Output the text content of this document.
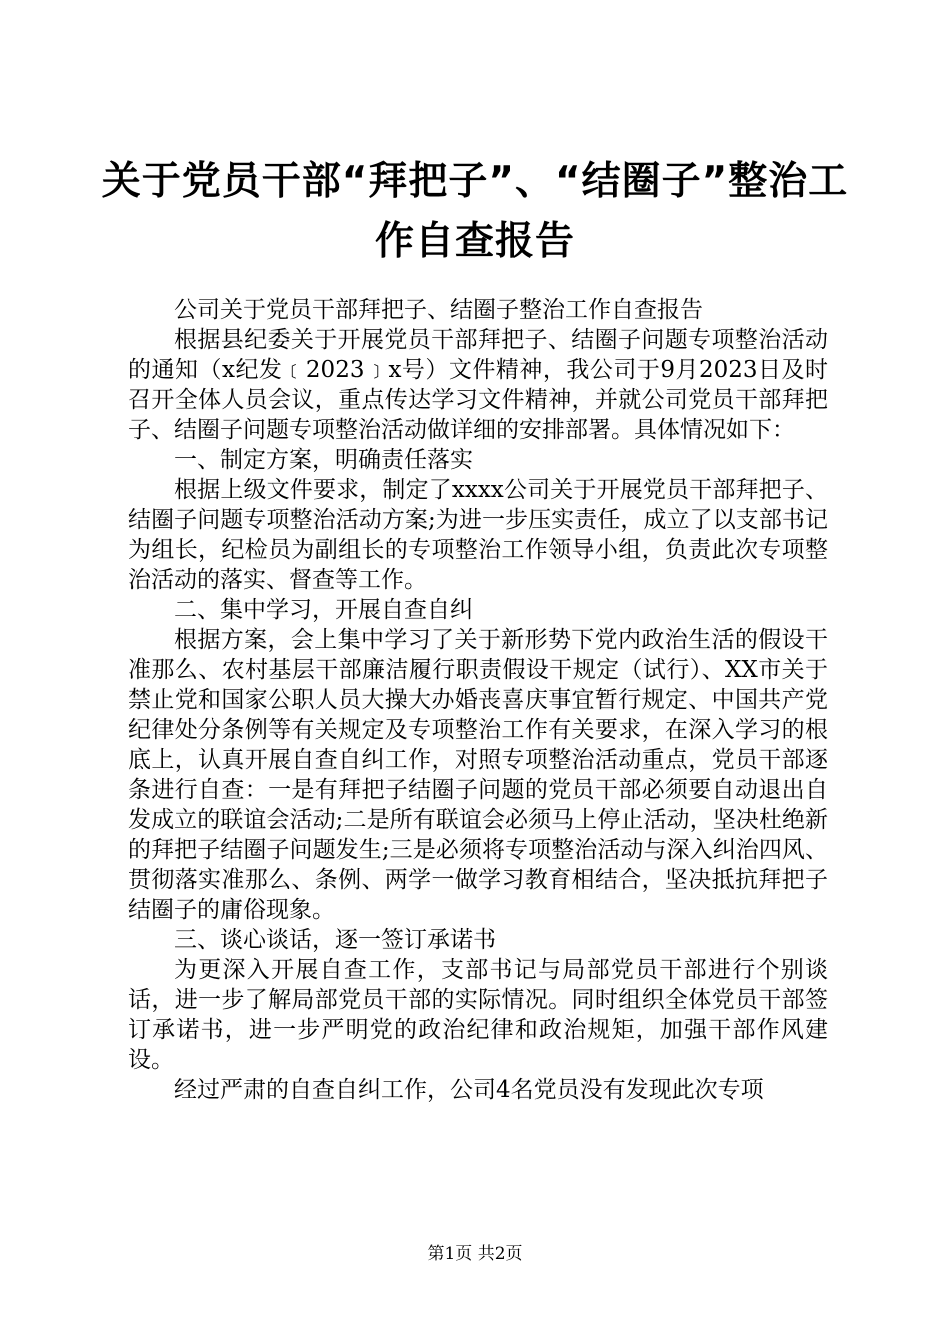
关于党员干部“拜把子”、“结圈子”整治工
作自查报告

公司关于党员干部拜把子、结圈子整治工作自查报告

根据县纪委关于开展党员干部拜把子、结圈子问题专项整治活动的通知（x纪发﹝2023﹞x号）文件精神，我公司于9月2023日及时召开全体人员会议，重点传达学习文件精神，并就公司党员干部拜把子、结圈子问题专项整治活动做详细的安排部署。具体情况如下：

一、制定方案，明确责任落实

根据上级文件要求，制定了xxxx公司关于开展党员干部拜把子、结圈子问题专项整治活动方案;为进一步压实责任，成立了以支部书记为组长，纪检员为副组长的专项整治工作领导小组，负责此次专项整治活动的落实、督查等工作。

二、集中学习，开展自查自纠

根据方案，会上集中学习了关于新形势下党内政治生活的假设干准那么、农村基层干部廉洁履行职责假设干规定（试行）、XX市关于禁止党和国家公职人员大操大办婚丧喜庆事宜暂行规定、中国共产党纪律处分条例等有关规定及专项整治工作有关要求，在深入学习的根底上，认真开展自查自纠工作，对照专项整治活动重点，党员干部逐条进行自查：一是有拜把子结圈子问题的党员干部必须要自动退出自发成立的联谊会活动;二是所有联谊会必须马上停止活动，坚决杜绝新的拜把子结圈子问题发生;三是必须将专项整治活动与深入纠治四风、贯彻落实准那么、条例、两学一做学习教育相结合，坚决抵抗拜把子结圈子的庸俗现象。

三、谈心谈话，逐一签订承诺书

为更深入开展自查工作，支部书记与局部党员干部进行个别谈话，进一步了解局部党员干部的实际情况。同时组织全体党员干部签订承诺书，进一步严明党的政治纪律和政治规矩，加强干部作风建设。

经过严肃的自查自纠工作，公司4名党员没有发现此次专项

第1页 共2页
